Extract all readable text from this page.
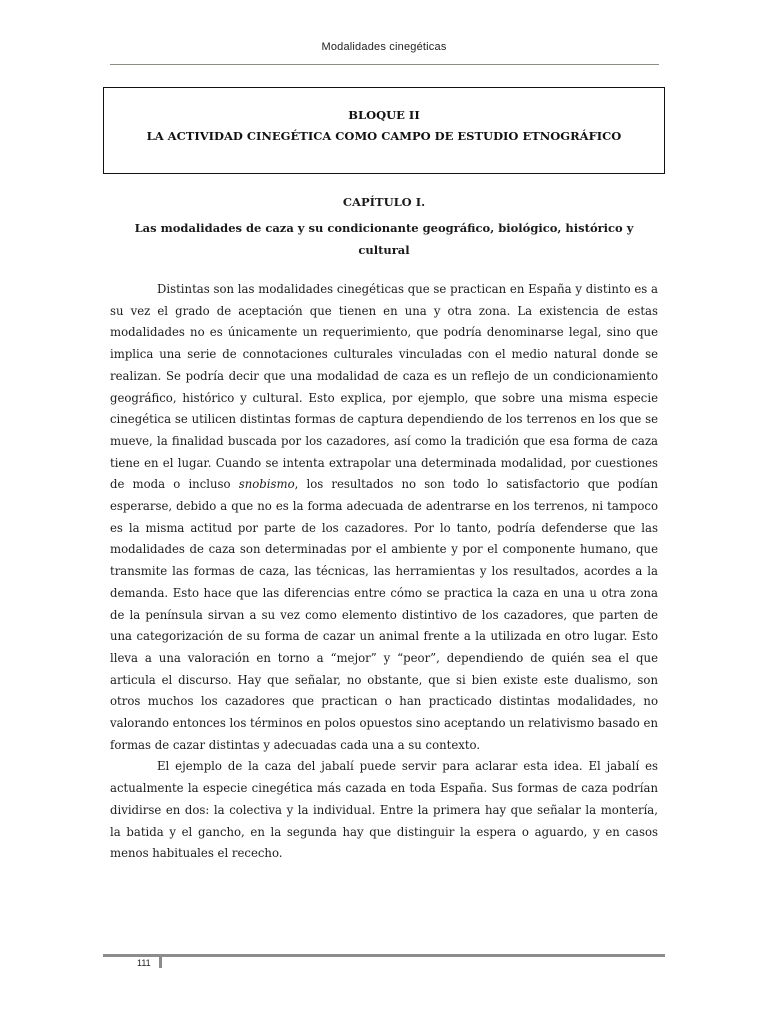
Modalidades cinegéticas
BLOQUE II
LA ACTIVIDAD CINEGÉTICA COMO CAMPO DE ESTUDIO ETNOGRÁFICO
CAPÍTULO I.
Las modalidades de caza y su condicionante geográfico, biológico, histórico y cultural

Distintas son las modalidades cinegéticas que se practican en España y distinto es a su vez el grado de aceptación que tienen en una y otra zona. La existencia de estas modalidades no es únicamente un requerimiento, que podría denominarse legal, sino que implica una serie de connotaciones culturales vinculadas con el medio natural donde se realizan. Se podría decir que una modalidad de caza es un reflejo de un condicionamiento geográfico, histórico y cultural. Esto explica, por ejemplo, que sobre una misma especie cinegética se utilicen distintas formas de captura dependiendo de los terrenos en los que se mueve, la finalidad buscada por los cazadores, así como la tradición que esa forma de caza tiene en el lugar. Cuando se intenta extrapolar una determinada modalidad, por cuestiones de moda o incluso snobismo, los resultados no son todo lo satisfactorio que podían esperarse, debido a que no es la forma adecuada de adentrarse en los terrenos, ni tampoco es la misma actitud por parte de los cazadores. Por lo tanto, podría defenderse que las modalidades de caza son determinadas por el ambiente y por el componente humano, que transmite las formas de caza, las técnicas, las herramientas y los resultados, acordes a la demanda. Esto hace que las diferencias entre cómo se practica la caza en una u otra zona de la península sirvan a su vez como elemento distintivo de los cazadores, que parten de una categorización de su forma de cazar un animal frente a la utilizada en otro lugar. Esto lleva a una valoración en torno a “mejor” y “peor”, dependiendo de quién sea el que articula el discurso. Hay que señalar, no obstante, que si bien existe este dualismo, son otros muchos los cazadores que practican o han practicado distintas modalidades, no valorando entonces los términos en polos opuestos sino aceptando un relativismo basado en formas de cazar distintas y adecuadas cada una a su contexto.

El ejemplo de la caza del jabalí puede servir para aclarar esta idea. El jabalí es actualmente la especie cinegética más cazada en toda España. Sus formas de caza podrían dividirse en dos: la colectiva y la individual. Entre la primera hay que señalar la montería, la batida y el gancho, en la segunda hay que distinguir la espera o aguardo, y en casos menos habituales el rececho.

111
